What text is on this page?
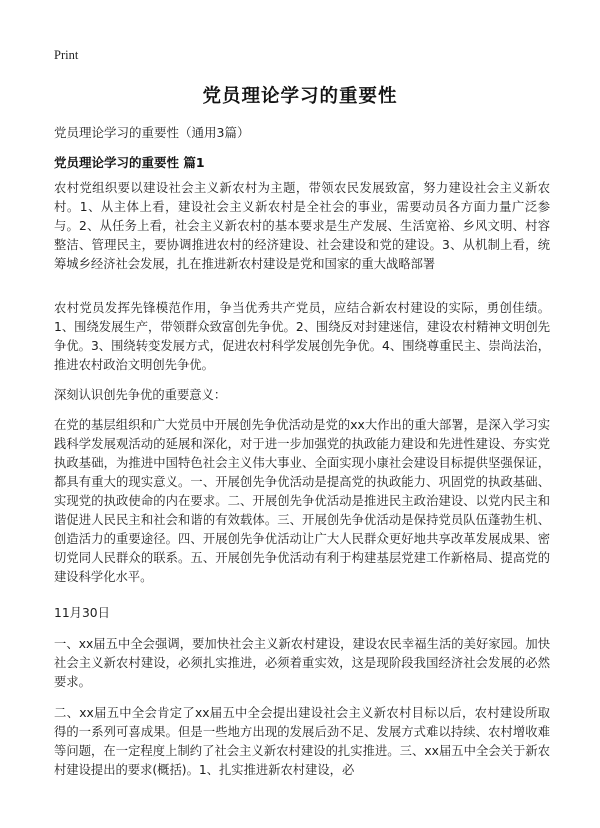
Print
党员理论学习的重要性
党员理论学习的重要性（通用3篇）
党员理论学习的重要性 篇1
农村党组织要以建设社会主义新农村为主题，带领农民发展致富，努力建设社会主义新农村。1、从主体上看，建设社会主义新农村是全社会的事业，需要动员各方面力量广泛参与。2、从任务上看，社会主义新农村的基本要求是生产发展、生活宽裕、乡风文明、村容整洁、管理民主，要协调推进农村的经济建设、社会建设和党的建设。3、从机制上看，统筹城乡经济社会发展，扎在推进新农村建设是党和国家的重大战略部署
农村党员发挥先锋模范作用，争当优秀共产党员，应结合新农村建设的实际，勇创佳绩。1、围绕发展生产，带领群众致富创先争优。2、围绕反对封建迷信，建设农村精神文明创先争优。3、围绕转变发展方式，促进农村科学发展创先争优。4、围绕尊重民主、崇尚法治，推进农村政治文明创先争优。
深刻认识创先争优的重要意义：
在党的基层组织和广大党员中开展创先争优活动是党的xx大作出的重大部署，是深入学习实践科学发展观活动的延展和深化，对于进一步加强党的执政能力建设和先进性建设、夯实党执政基础，为推进中国特色社会主义伟大事业、全面实现小康社会建设目标提供坚强保证，都具有重大的现实意义。一、开展创先争优活动是提高党的执政能力、巩固党的执政基础、实现党的执政使命的内在要求。二、开展创先争优活动是推进民主政治建设、以党内民主和谐促进人民民主和社会和谐的有效载体。三、开展创先争优活动是保持党员队伍蓬勃生机、创造活力的重要途径。四、开展创先争优活动让广大人民群众更好地共享改革发展成果、密切党同人民群众的联系。五、开展创先争优活动有利于构建基层党建工作新格局、提高党的建设科学化水平。
11月30日
一、xx届五中全会强调，要加快社会主义新农村建设，建设农民幸福生活的美好家园。加快社会主义新农村建设，必须扎实推进，必须着重实效，这是现阶段我国经济社会发展的必然要求。
二、xx届五中全会肯定了xx届五中全会提出建设社会主义新农村目标以后，农村建设所取得的一系列可喜成果。但是一些地方出现的发展后劲不足、发展方式难以持续、农村增收难等问题，在一定程度上制约了社会主义新农村建设的扎实推进。三、xx届五中全会关于新农村建设提出的要求(概括)。1、扎实推进新农村建设，必
